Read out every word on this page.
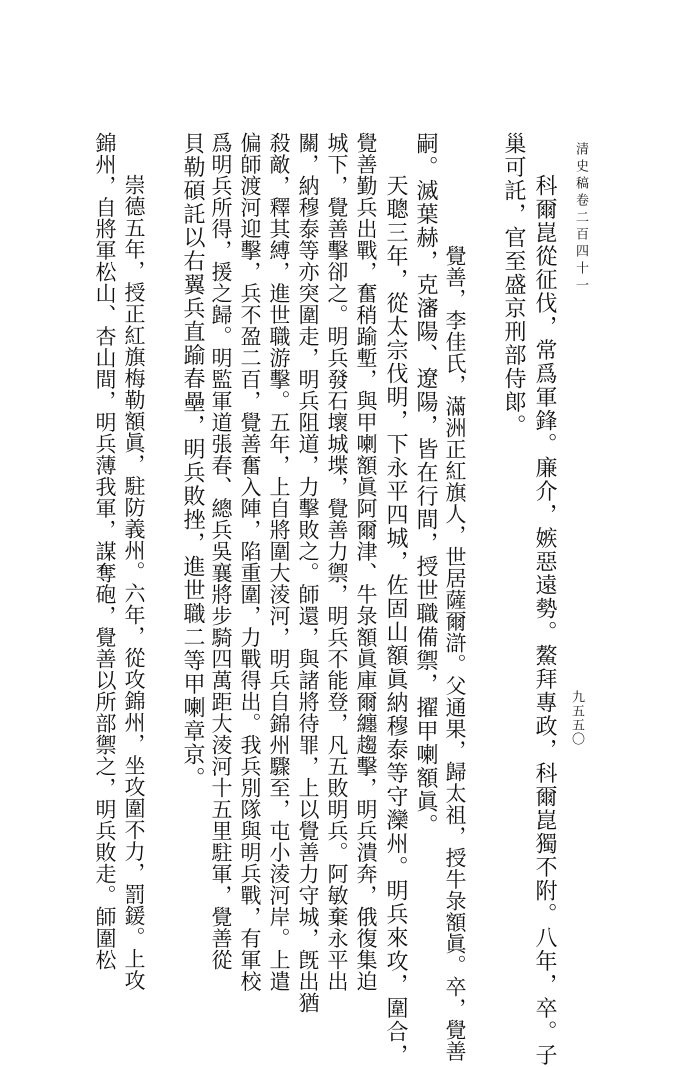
清史稿卷二百四十一
九五五〇
科爾崑從征伐，常爲軍鋒。廉介，嫉惡遠勢。鰲拜專政，科爾崑獨不附。八年，卒。子
巢可託，官至盛京刑部侍郞。
覺善，李佳氏，滿洲正紅旗人，世居薩爾滸。父通果，歸太祖，授牛彔額眞。卒，覺善
嗣。滅葉赫，克瀋陽、遼陽，皆在行間，授世職備禦，擢甲喇額眞。
天聰三年，從太宗伐明，下永平四城，佐固山額眞納穆泰等守灤州。明兵來攻，圍合，
覺善勤兵出戰，奮稍踰塹，與甲喇額眞阿爾津、牛彔額眞庫爾纏趨擊，明兵潰奔，俄復集迫
城下，覺善擊卻之。明兵發石壞城堞，覺善力禦，明兵不能登，凡五敗明兵。阿敏棄永平出
關，納穆泰等亦突圍走，明兵阻道，力擊敗之。師還，與諸將待罪，上以覺善力守城，旣出猶
殺敵，釋其縛，進世職游擊。五年，上自將圍大淩河，明兵自錦州驟至，屯小淩河岸。上遣
偏師渡河迎擊，兵不盈二百，覺善奮入陣，陷重圍，力戰得出。我兵別隊與明兵戰，有軍校
爲明兵所得，援之歸。明監軍道張春、總兵吳襄將步騎四萬距大淩河十五里駐軍，覺善從
貝勒碩託以右翼兵直踰春壘，明兵敗挫，進世職二等甲喇章京。
崇德五年，授正紅旗梅勒額眞，駐防義州。六年，從攻錦州，坐攻圍不力，罰鍰。上攻
錦州，自將軍松山、杏山間，明兵薄我軍，謀奪砲，覺善以所部禦之，明兵敗走。師圍松
